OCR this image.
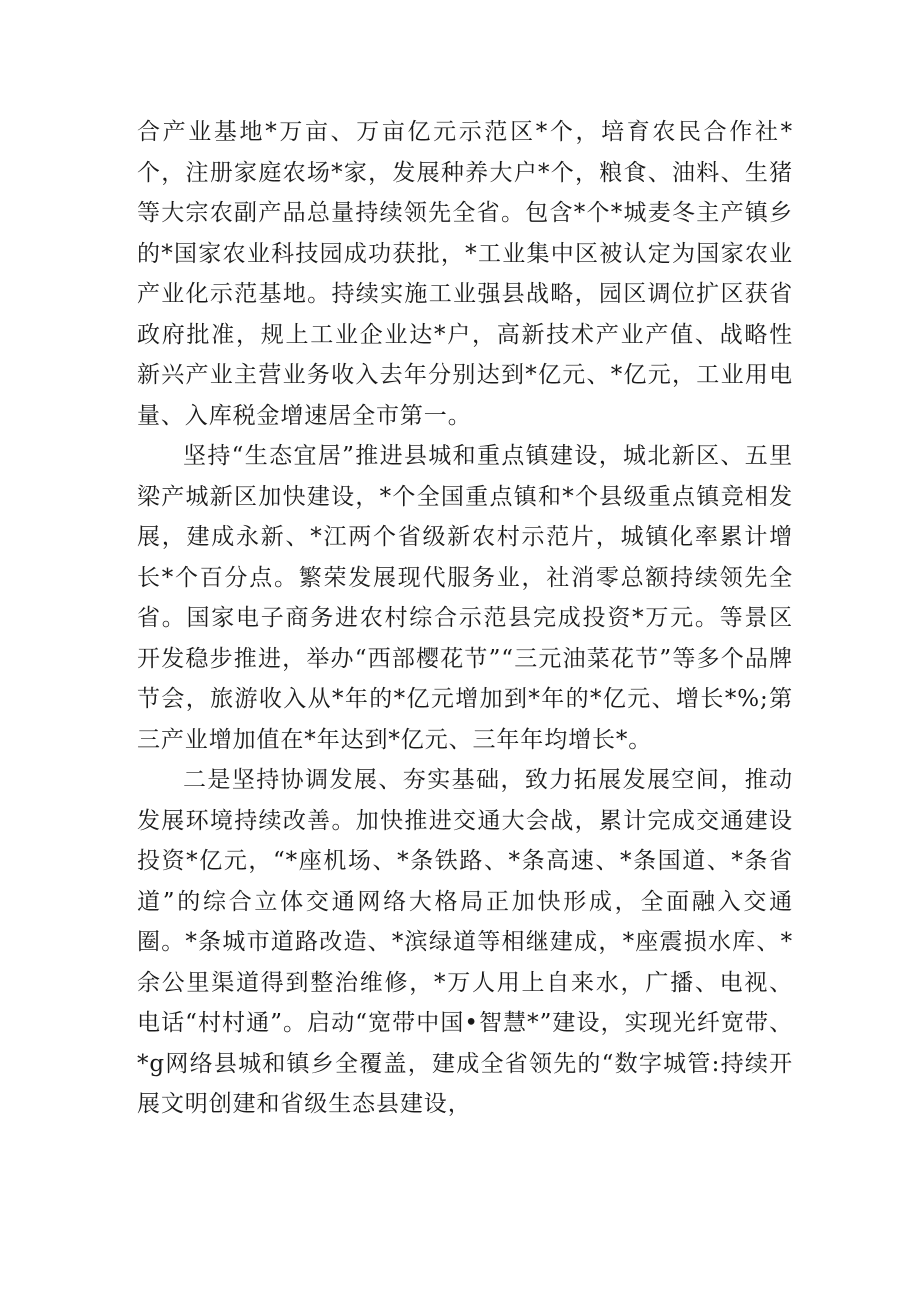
合产业基地*万亩、万亩亿元示范区*个，培育农民合作社*个，注册家庭农场*家，发展种养大户*个，粮食、油料、生猪等大宗农副产品总量持续领先全省。包含*个*城麦冬主产镇乡的*国家农业科技园成功获批，*工业集中区被认定为国家农业产业化示范基地。持续实施工业强县战略，园区调位扩区获省政府批准，规上工业企业达*户，高新技术产业产值、战略性新兴产业主营业务收入去年分别达到*亿元、*亿元，工业用电量、入库税金增速居全市第一。

坚持“生态宜居”推进县城和重点镇建设，城北新区、五里梁产城新区加快建设，*个全国重点镇和*个县级重点镇竞相发展，建成永新、*江两个省级新农村示范片，城镇化率累计增长*个百分点。繁荣发展现代服务业，社消零总额持续领先全省。国家电子商务进农村综合示范县完成投资*万元。等景区开发稳步推进，举办“西部樱花节”“三元油菜花节”等多个品牌节会，旅游收入从*年的*亿元增加到*年的*亿元、增长*%;第三产业增加值在*年达到*亿元、三年年均增长*。

二是坚持协调发展、夯实基础，致力拓展发展空间，推动发展环境持续改善。加快推进交通大会战，累计完成交通建设投资*亿元，“*座机场、*条铁路、*条高速、*条国道、*条省道”的综合立体交通网络大格局正加快形成，全面融入交通圈。*条城市道路改造、*滨绿道等相继建成，*座震损水库、*余公里渠道得到整治维修，*万人用上自来水，广播、电视、电话“村村通”。启动“宽带中国•智慧*”建设，实现光纤宽带、*g网络县城和镇乡全覆盖，建成全省领先的“数字城管:持续开展文明创建和省级生态县建设，
